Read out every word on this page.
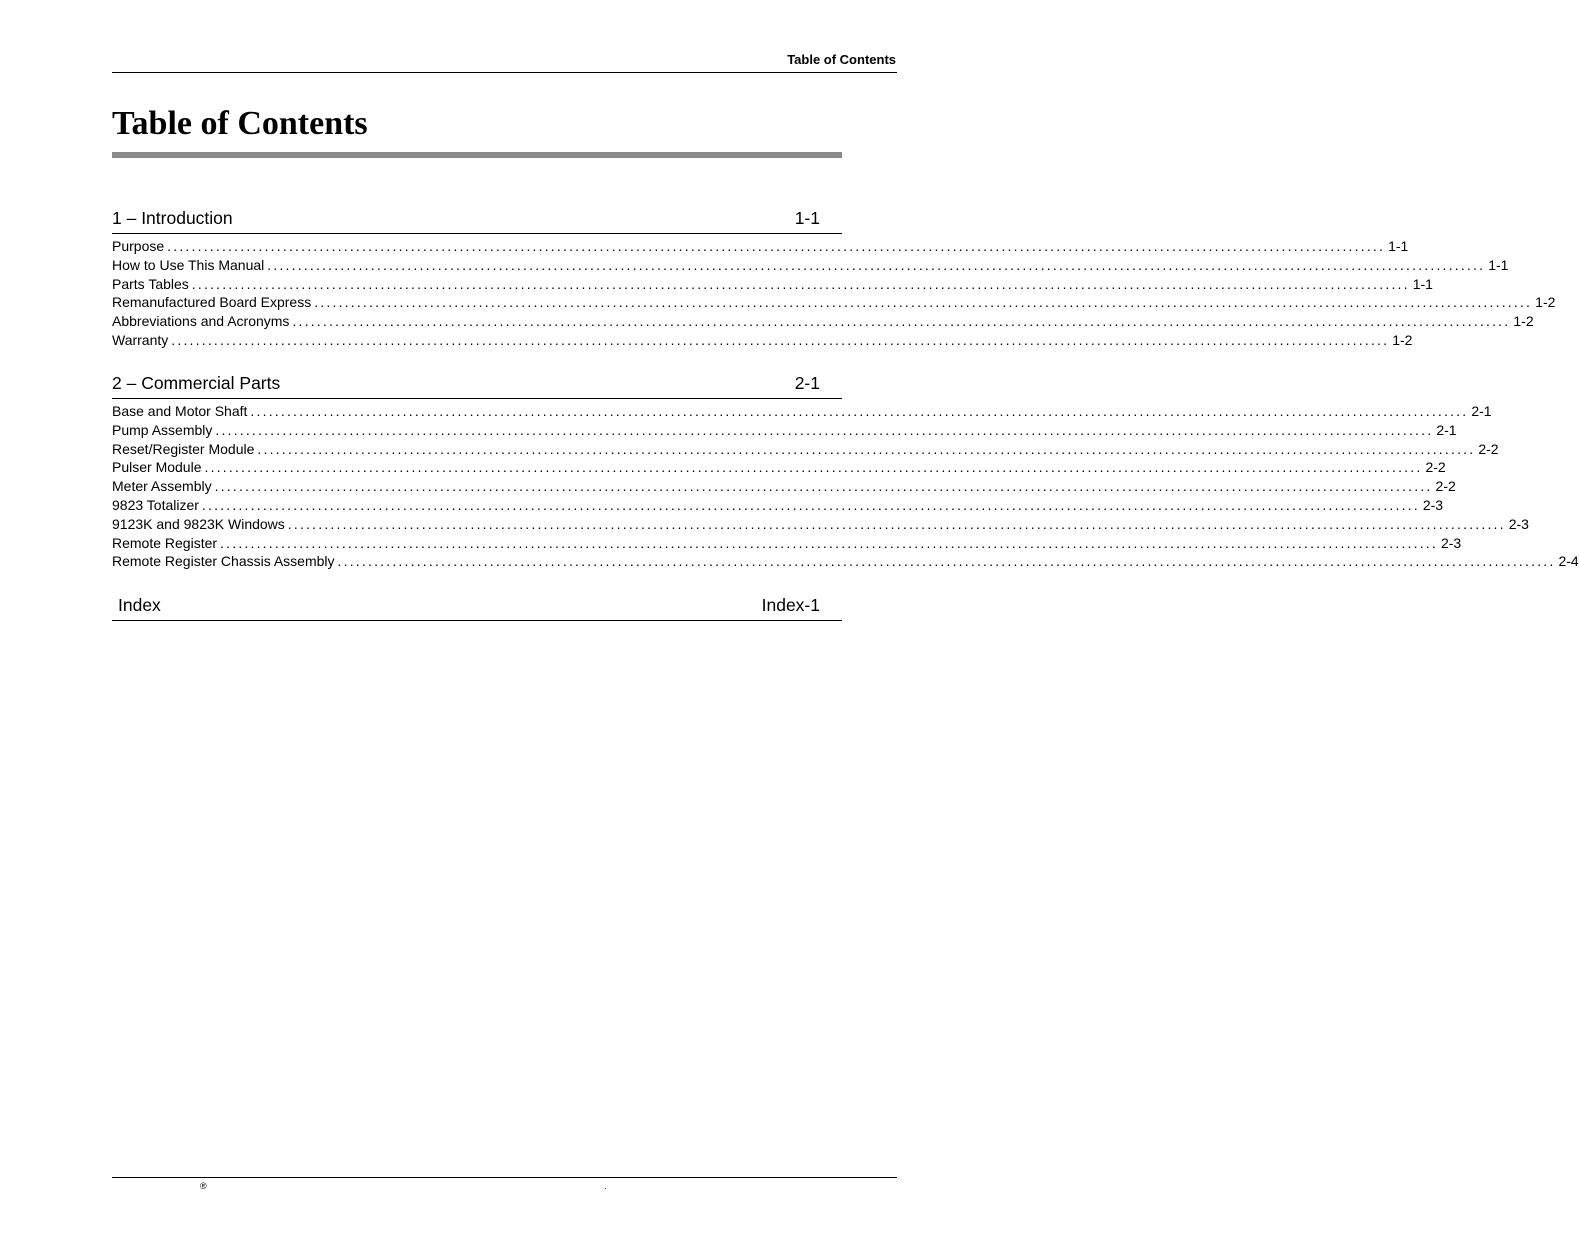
Table of Contents
Table of Contents
1 – Introduction	1-1
Purpose ........................................................................................................................................................................................................ 1-1
How to Use This Manual ........................................................................................................................................................................................................ 1-1
Parts Tables ........................................................................................................................................................................................................ 1-1
Remanufactured Board Express ........................................................................................................................................................................................................ 1-2
Abbreviations and Acronyms ........................................................................................................................................................................................................ 1-2
Warranty ........................................................................................................................................................................................................ 1-2
2 – Commercial Parts	2-1
Base and Motor Shaft ........................................................................................................................................................................................................ 2-1
Pump Assembly ........................................................................................................................................................................................................ 2-1
Reset/Register Module ........................................................................................................................................................................................................ 2-2
Pulser Module ........................................................................................................................................................................................................ 2-2
Meter Assembly ........................................................................................................................................................................................................ 2-2
9823 Totalizer ........................................................................................................................................................................................................ 2-3
9123K and 9823K Windows ........................................................................................................................................................................................................ 2-3
Remote Register ........................................................................................................................................................................................................ 2-3
Remote Register Chassis Assembly ........................................................................................................................................................................................................ 2-4
Index	Index-1
®	.
